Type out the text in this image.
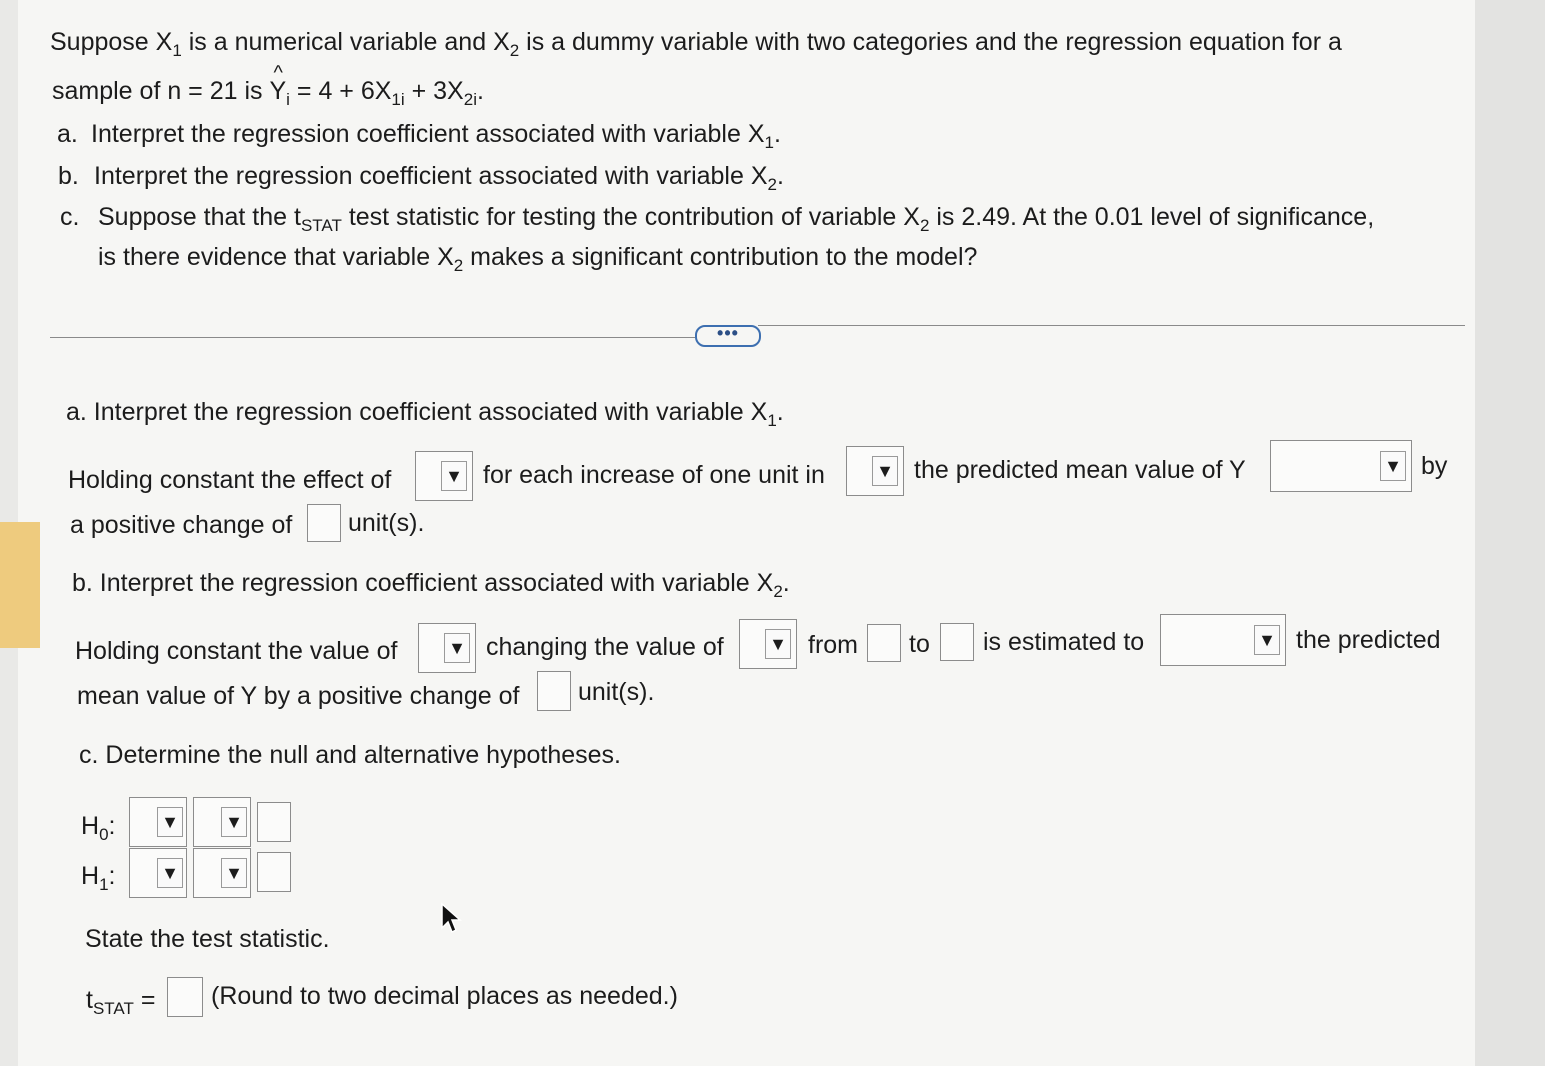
Suppose $X_1$ is a numerical variable and $X_2$ is a dummy variable with two categories and the regression equation for a
sample of n = 21 is ^ $Y_i = 4 + 6X_{1i} + 3X_{2i}$.
a. Interpret the regression coefficient associated with variable $X_1$.
b. Interpret the regression coefficient associated with variable $X_2$.
c. Suppose that the $t_{STAT}$ test statistic for testing the contribution of variable $X_2$ is 2.49. At the 0.01 level of significance,
is there evidence that variable $X_2$ makes a significant contribution to the model?
•••
a. Interpret the regression coefficient associated with variable $X_1$.
Holding constant the effect of	▼ for each increase of one unit in	▼ the predicted mean value of Y	▼ by
a positive change of unit(s).
b. Interpret the regression coefficient associated with variable $X_2$.
Holding constant the value of	▼ changing the value of	▼ from to is estimated to	▼ the predicted
mean value of Y by a positive change of unit(s).
c. Determine the null and alternative hypotheses.
$H_0$:	▼	▼
$H_1$:	▼	▼
State the test statistic.
$t_{STAT}$ = (Round to two decimal places as needed.)
